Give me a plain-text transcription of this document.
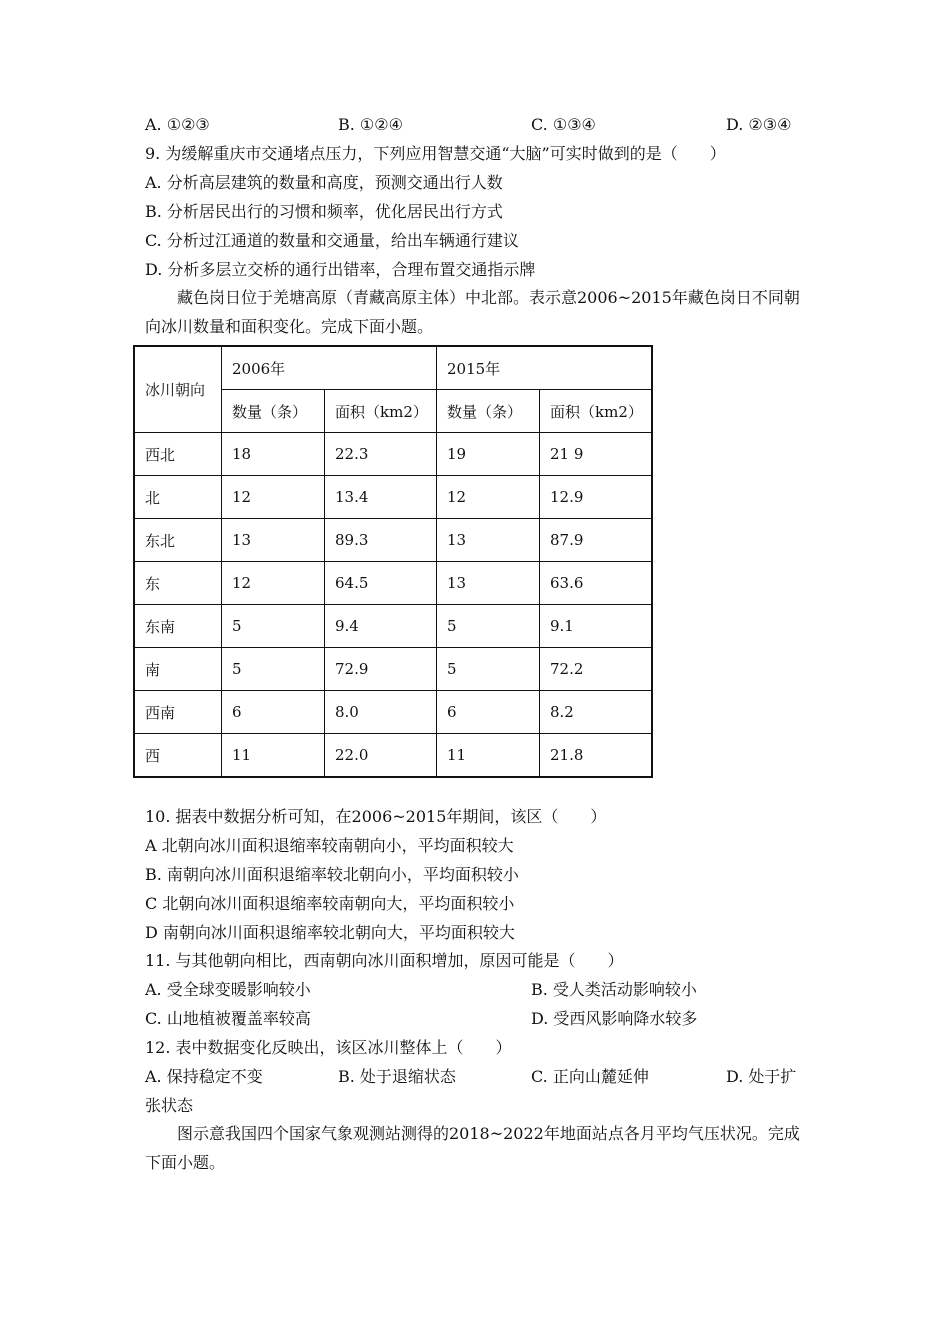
A. ①②③	B. ①②④	C. ①③④	D. ②③④
9. 为缓解重庆市交通堵点压力，下列应用智慧交通“大脑”可实时做到的是（　　）
A. 分析高层建筑的数量和高度，预测交通出行人数
B. 分析居民出行的习惯和频率，优化居民出行方式
C. 分析过江通道的数量和交通量，给出车辆通行建议
D. 分析多层立交桥的通行出错率，合理布置交通指示牌
藏色岗日位于羌塘高原（青藏高原主体）中北部。表示意2006~2015年藏色岗日不同朝向冰川数量和面积变化。完成下面小题。
冰川朝向	2006年		2015年	
	数量（条）	面积（km2）	数量（条）	面积（km2）
西北	18	22.3	19	21 9
北	12	13.4	12	12.9
东北	13	89.3	13	87.9
东	12	64.5	13	63.6
东南	5	9.4	5	9.1
南	5	72.9	5	72.2
西南	6	8.0	6	8.2
西	11	22.0	11	21.8
10. 据表中数据分析可知，在2006~2015年期间，该区（　　）
A 北朝向冰川面积退缩率较南朝向小，平均面积较大
B. 南朝向冰川面积退缩率较北朝向小，平均面积较小
C 北朝向冰川面积退缩率较南朝向大，平均面积较小
D 南朝向冰川面积退缩率较北朝向大，平均面积较大
11. 与其他朝向相比，西南朝向冰川面积增加，原因可能是（　　）
A. 受全球变暖影响较小	B. 受人类活动影响较小
C. 山地植被覆盖率较高	D. 受西风影响降水较多
12. 表中数据变化反映出，该区冰川整体上（　　）
A. 保持稳定不变	B. 处于退缩状态	C. 正向山麓延伸	D. 处于扩
张状态
图示意我国四个国家气象观测站测得的2018~2022年地面站点各月平均气压状况。完成下面小题。
